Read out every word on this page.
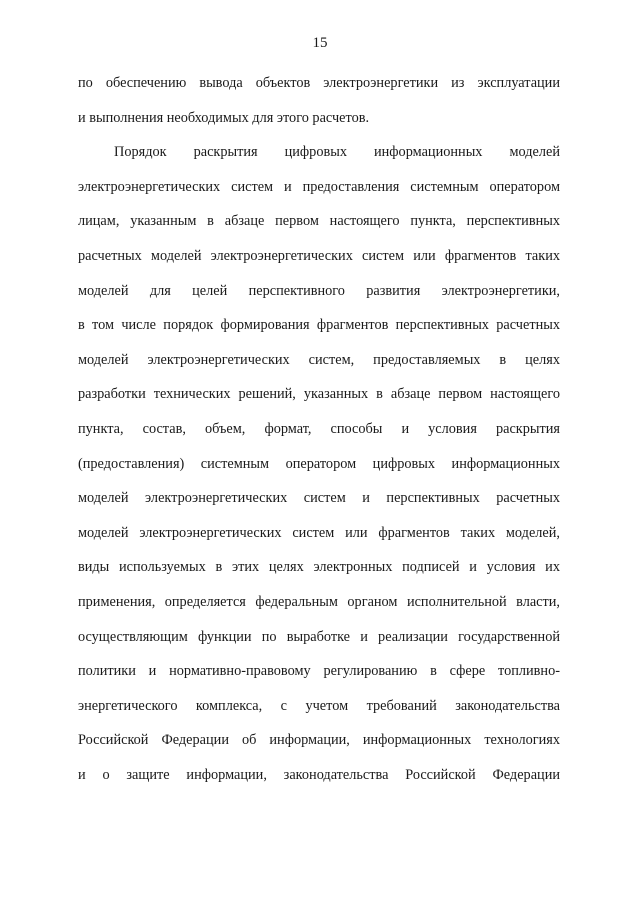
15
по обеспечению вывода объектов электроэнергетики из эксплуатации
и выполнения необходимых для этого расчетов.
Порядок раскрытия цифровых информационных моделей
электроэнергетических систем и предоставления системным оператором
лицам, указанным в абзаце первом настоящего пункта, перспективных
расчетных моделей электроэнергетических систем или фрагментов таких
моделей для целей перспективного развития электроэнергетики,
в том числе порядок формирования фрагментов перспективных расчетных
моделей электроэнергетических систем, предоставляемых в целях
разработки технических решений, указанных в абзаце первом настоящего
пункта, состав, объем, формат, способы и условия раскрытия
(предоставления) системным оператором цифровых информационных
моделей электроэнергетических систем и перспективных расчетных
моделей электроэнергетических систем или фрагментов таких моделей,
виды используемых в этих целях электронных подписей и условия их
применения, определяется федеральным органом исполнительной власти,
осуществляющим функции по выработке и реализации государственной
политики и нормативно-правовому регулированию в сфере топливно-
энергетического комплекса, с учетом требований законодательства
Российской Федерации об информации, информационных технологиях
и о защите информации, законодательства Российской Федерации
